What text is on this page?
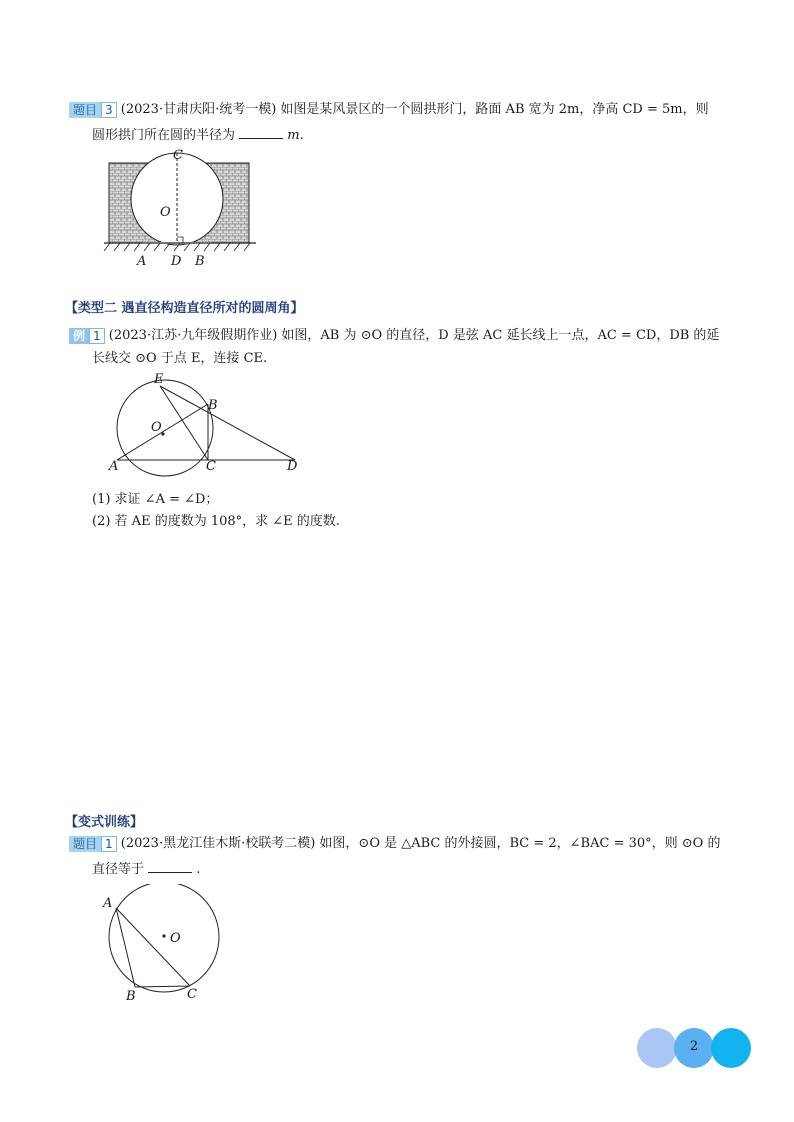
题目 3 (2023·甘肃庆阳·统考一模) 如图是某风景区的一个圆拱形门，路面 AB 宽为 2m，净高 CD = 5m，则
圆形拱门所在圆的半径为	m.
C
O
A D B
【类型二 遇直径构造直径所对的圆周角】
例 1 (2023·江苏·九年级假期作业) 如图，AB 为 ⊙O 的直径，D 是弦 AC 延长线上一点，AC = CD，DB 的延
长线交 ⊙O 于点 E，连接 CE.
E
B
O
A	C	D
(1) 求证 ∠A = ∠D；
(2) 若 AE 的度数为 108°，求 ∠E 的度数.
【变式训练】
题目 1 (2023·黑龙江佳木斯·校联考二模) 如图，⊙O 是 △ABC 的外接圆，BC = 2，∠BAC = 30°，则 ⊙O 的
直径等于	.
A
O
B	C
2
